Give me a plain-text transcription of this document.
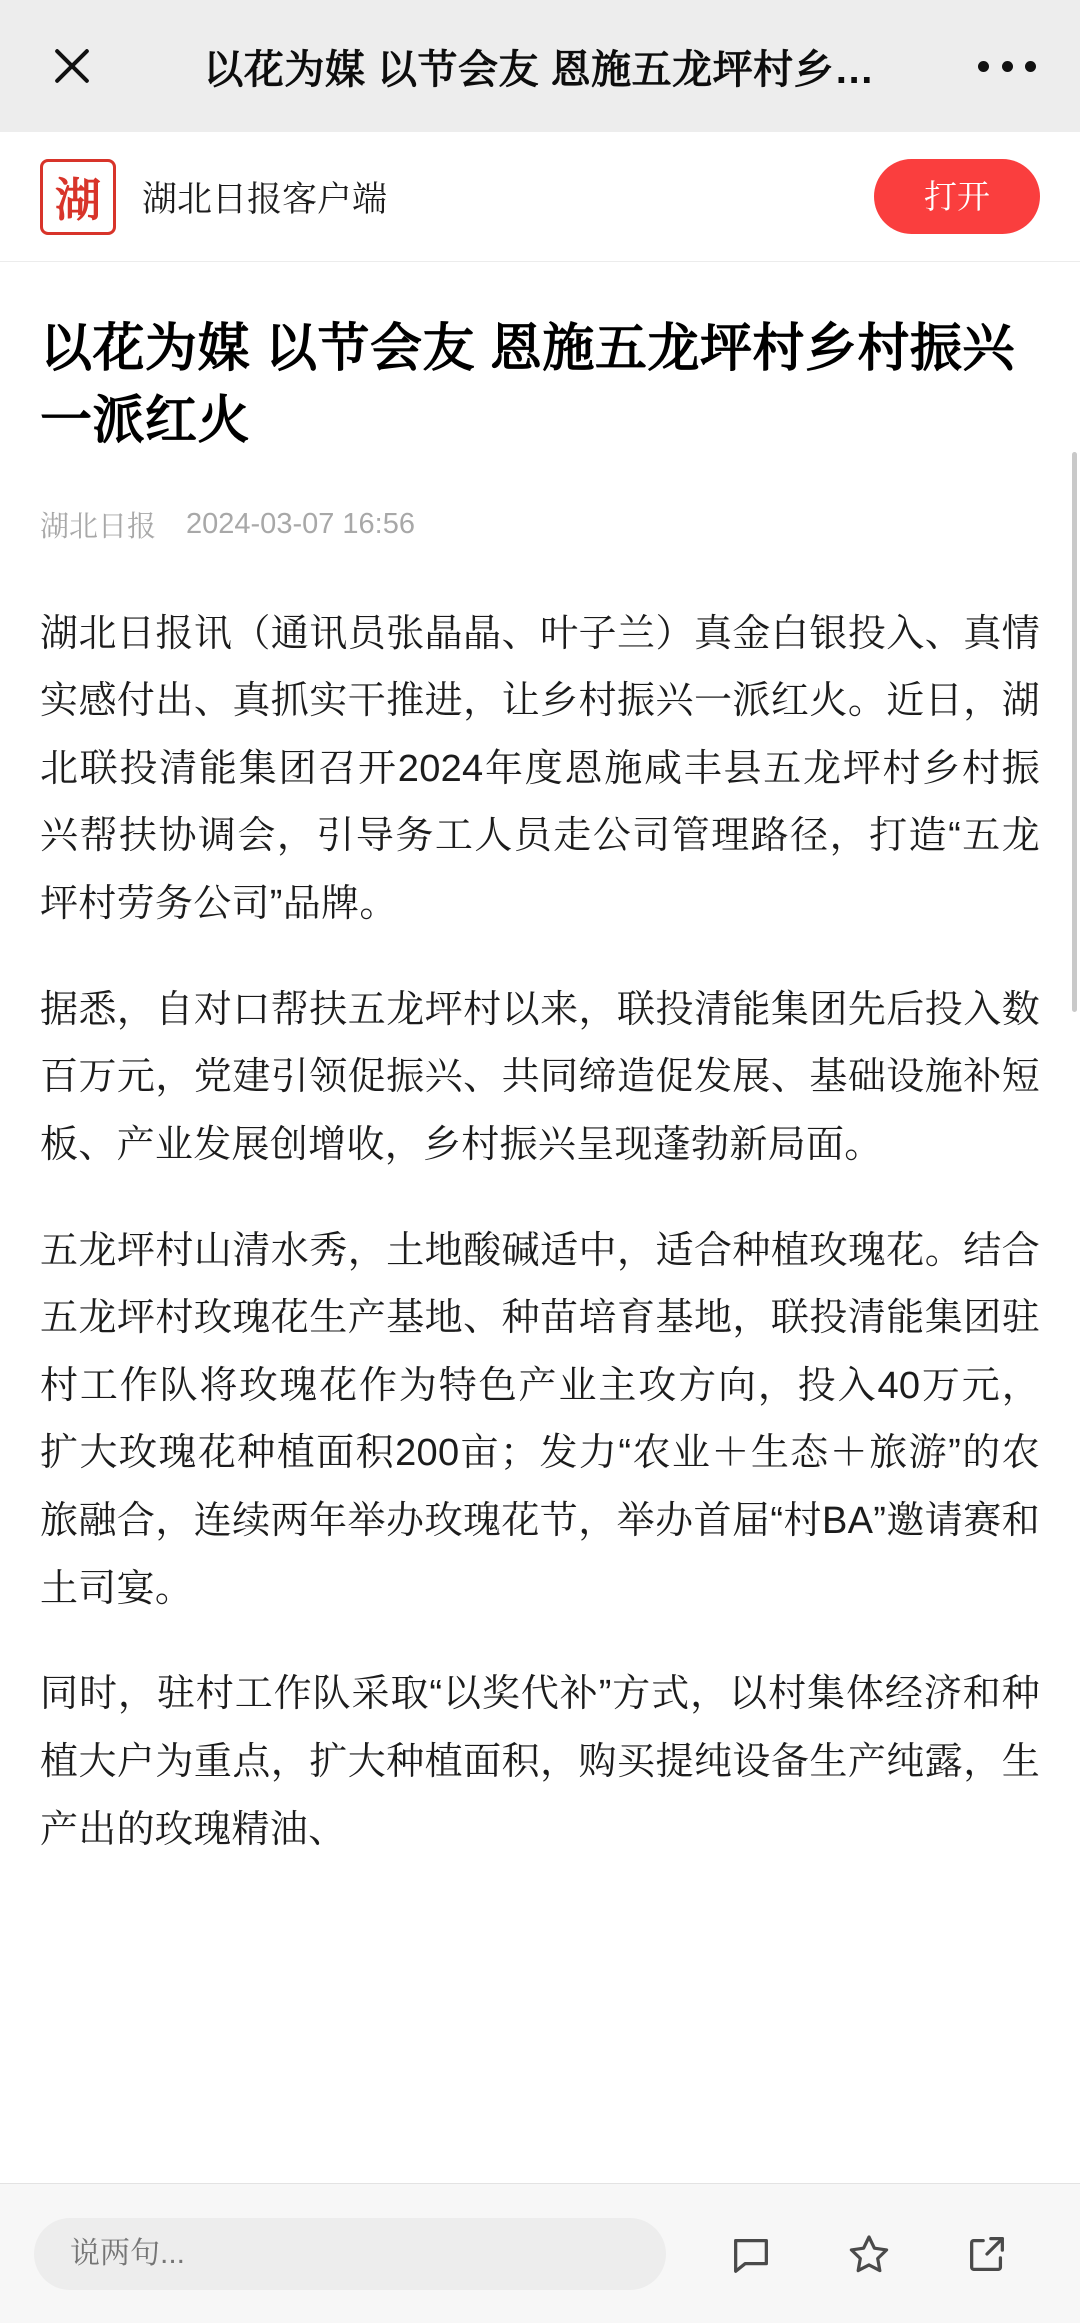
以花为媒 以节会友 恩施五龙坪村乡…
湖	湖北日报客户端	打开
以花为媒 以节会友 恩施五龙坪村乡村振兴一派红火
湖北日报 2024-03-07 16:56

湖北日报讯（通讯员张晶晶、叶子兰）真金白银投入、真情实感付出、真抓实干推进，让乡村振兴一派红火。近日，湖北联投清能集团召开2024年度恩施咸丰县五龙坪村乡村振兴帮扶协调会，引导务工人员走公司管理路径，打造“五龙坪村劳务公司”品牌。

据悉，自对口帮扶五龙坪村以来，联投清能集团先后投入数百万元，党建引领促振兴、共同缔造促发展、基础设施补短板、产业发展创增收，乡村振兴呈现蓬勃新局面。

五龙坪村山清水秀，土地酸碱适中，适合种植玫瑰花。结合五龙坪村玫瑰花生产基地、种苗培育基地，联投清能集团驻村工作队将玫瑰花作为特色产业主攻方向，投入40万元，扩大玫瑰花种植面积200亩；发力“农业＋生态＋旅游”的农旅融合，连续两年举办玫瑰花节，举办首届“村BA”邀请赛和土司宴。

同时，驻村工作队采取“以奖代补”方式，以村集体经济和种植大户为重点，扩大种植面积，购买提纯设备生产纯露，生产出的玫瑰精油、

说两句...
